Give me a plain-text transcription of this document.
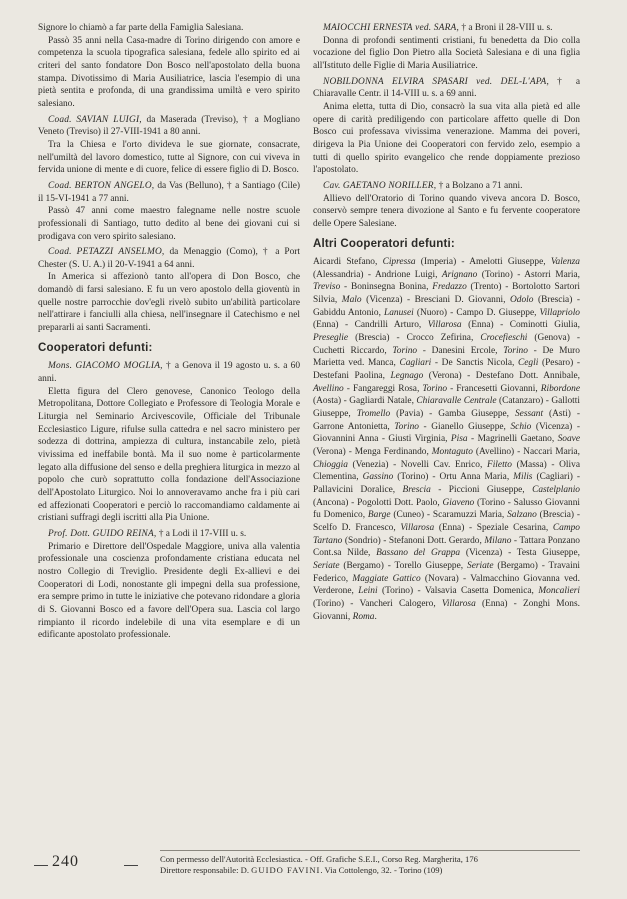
Signore lo chiamò a far parte della Famiglia Salesiana.

Passò 35 anni nella Casa-madre di Torino dirigendo con amore e competenza la scuola tipografica salesiana, fedele allo spirito ed ai criteri del santo fondatore Don Bosco nell'apostolato della buona stampa. Divotissimo di Maria Ausiliatrice, lascia l'esempio di una pietà sentita e profonda, di una grandissima umiltà e vero spirito salesiano.

Coad. SAVIAN LUIGI, da Maserada (Treviso), † a Mogliano Veneto (Treviso) il 27-VIII-1941 a 80 anni.

Tra la Chiesa e l'orto divideva le sue giornate, consacrate, nell'umiltà del lavoro domestico, tutte al Signore, con cui viveva in fervida unione di mente e di cuore, felice di essere figlio di D. Bosco.

Coad. BERTON ANGELO, da Vas (Belluno), † a Santiago (Cile) il 15-VI-1941 a 77 anni.

Passò 47 anni come maestro falegname nelle nostre scuole professionali di Santiago, tutto dedito al bene dei giovani cui si prodigava con vero spirito salesiano.

Coad. PETAZZI ANSELMO, da Menaggio (Como), † a Port Chester (S. U. A.) il 20-V-1941 a 64 anni.

In America si affezionò tanto all'opera di Don Bosco, che domandò di farsi salesiano. E fu un vero apostolo della gioventù in quelle nostre parrocchie dov'egli rivelò subito un'abilità particolare nell'attirare i fanciulli alla chiesa, nell'insegnare il Catechismo e nel prepararli ai santi Sacramenti.

Cooperatori defunti:

Mons. GIACOMO MOGLIA, † a Genova il 19 agosto u. s. a 60 anni.

Eletta figura del Clero genovese, Canonico Teologo della Metropolitana, Dottore Collegiato e Professore di Teologia Morale e Liturgia nel Seminario Arcivescovile, Officiale del Tribunale Ecclesiastico Ligure, rifulse sulla cattedra e nel sacro ministero per sodezza di dottrina, ampiezza di cultura, instancabile zelo, pietà vivissima ed ineffabile bontà. Ma il suo nome è particolarmente legato alla diffusione del senso e della preghiera liturgica in mezzo al popolo che curò soprattutto colla fondazione dell'Associazione dell'Apostolato Liturgico. Noi lo annoveravamo anche fra i più cari ed affezionati Cooperatori e perciò lo raccomandiamo caldamente ai cristiani suffragi degli iscritti alla Pia Unione.

Prof. Dott. GUIDO REINA, † a Lodi il 17-VIII u. s.

Primario e Direttore dell'Ospedale Maggiore, univa alla valentia professionale una coscienza profondamente cristiana educata nel nostro Collegio di Treviglio. Presidente degli Ex-allievi e dei Cooperatori di Lodi, nonostante gli impegni della sua professione, era sempre primo in tutte le iniziative che potevano ridondare a gloria di S. Giovanni Bosco ed a favore dell'Opera sua. Lascia col largo rimpianto il ricordo indelebile di una vita esemplare e di un edificante apostolato professionale.

MAIOCCHI ERNESTA ved. SARA, † a Broni il 28-VIII u. s.

Donna di profondi sentimenti cristiani, fu benedetta da Dio colla vocazione del figlio Don Pietro alla Società Salesiana e di una figlia all'Istituto delle Figlie di Maria Ausiliatrice.

NOBILDONNA ELVIRA SPASARI ved. DEL-L'APA, † a Chiaravalle Centr. il 14-VIII u. s. a 69 anni.

Anima eletta, tutta di Dio, consacrò la sua vita alla pietà ed alle opere di carità prediligendo con particolare affetto quelle di Don Bosco cui professava vivissima venerazione. Mamma dei poveri, dirigeva la Pia Unione dei Cooperatori con fervido zelo, esempio a tutti di quello spirito evangelico che rende doppiamente prezioso l'apostolato.

Cav. GAETANO NORILLER, † a Bolzano a 71 anni.

Allievo dell'Oratorio di Torino quando viveva ancora D. Bosco, conservò sempre tenera divozione al Santo e fu fervente cooperatore delle Opere Salesiane.

Altri Cooperatori defunti:

Aicardi Stefano, Cipressa (Imperia) - Amelotti Giuseppe, Valenza (Alessandria) - Andrione Luigi, Arignano (Torino) - Astorri Maria, Treviso - Boninsegna Bonina, Fredazzo (Trento) - Bortolotto Sartori Silvia, Malo (Vicenza) - Bresciani D. Giovanni, Odolo (Brescia) - Gabiddu Antonio, Lanusei (Nuoro) - Campo D. Giuseppe, Villapriolo (Enna) - Candrilli Arturo, Villarosa (Enna) - Cominotti Giulia, Preseglie (Brescia) - Crocco Zefirina, Crocefieschi (Genova) - Cuchetti Riccardo, Torino - Danesini Ercole, Torino - De Muro Marietta ved. Manca, Cagliari - De Sanctis Nicola, Cegli (Pesaro) - Destefani Paolina, Legnago (Verona) - Destefano Dott. Annibale, Avellino - Fangareggi Rosa, Torino - Francesetti Giovanni, Ribordone (Aosta) - Gagliardi Natale, Chiaravalle Centrale (Catanzaro) - Gallotti Giuseppe, Tromello (Pavia) - Gamba Giuseppe, Sessant (Asti) - Garrone Antonietta, Torino - Gianello Giuseppe, Schio (Vicenza) - Giovannini Anna - Giusti Virginia, Pisa - Magrinelli Gaetano, Soave (Verona) - Menga Ferdinando, Montaguto (Avellino) - Naccari Maria, Chioggia (Venezia) - Novelli Cav. Enrico, Filetto (Massa) - Oliva Clementina, Gassino (Torino) - Ortu Anna Maria, Milis (Cagliari) - Pallavicini Doralice, Brescia - Piccioni Giuseppe, Castelplanio (Ancona) - Pogolotti Dott. Paolo, Giaveno (Torino - Salusso Giovanni fu Domenico, Barge (Cuneo) - Scaramuzzi Maria, Salzano (Brescia) - Scelfo D. Francesco, Villarosa (Enna) - Speziale Cesarina, Campo Tartano (Sondrio) - Stefanoni Dott. Gerardo, Milano - Tattara Ponzano Cont.sa Nilde, Bassano del Grappa (Vicenza) - Testa Giuseppe, Seriate (Bergamo) - Torello Giuseppe, Seriate (Bergamo) - Travaini Federico, Maggiate Gattico (Novara) - Valmacchino Giovanna ved. Verderone, Leini (Torino) - Valsavia Casetta Domenica, Moncalieri (Torino) - Vancheri Calogero, Villarosa (Enna) - Zonghi Mons. Giovanni, Roma.

240	Con permesso dell'Autorità Ecclesiastica. - Off. Grafiche S.E.I., Corso Reg. Margherita, 176
Direttore responsabile: D. GUIDO FAVINI. Via Cottolengo, 32. - Torino (109)
